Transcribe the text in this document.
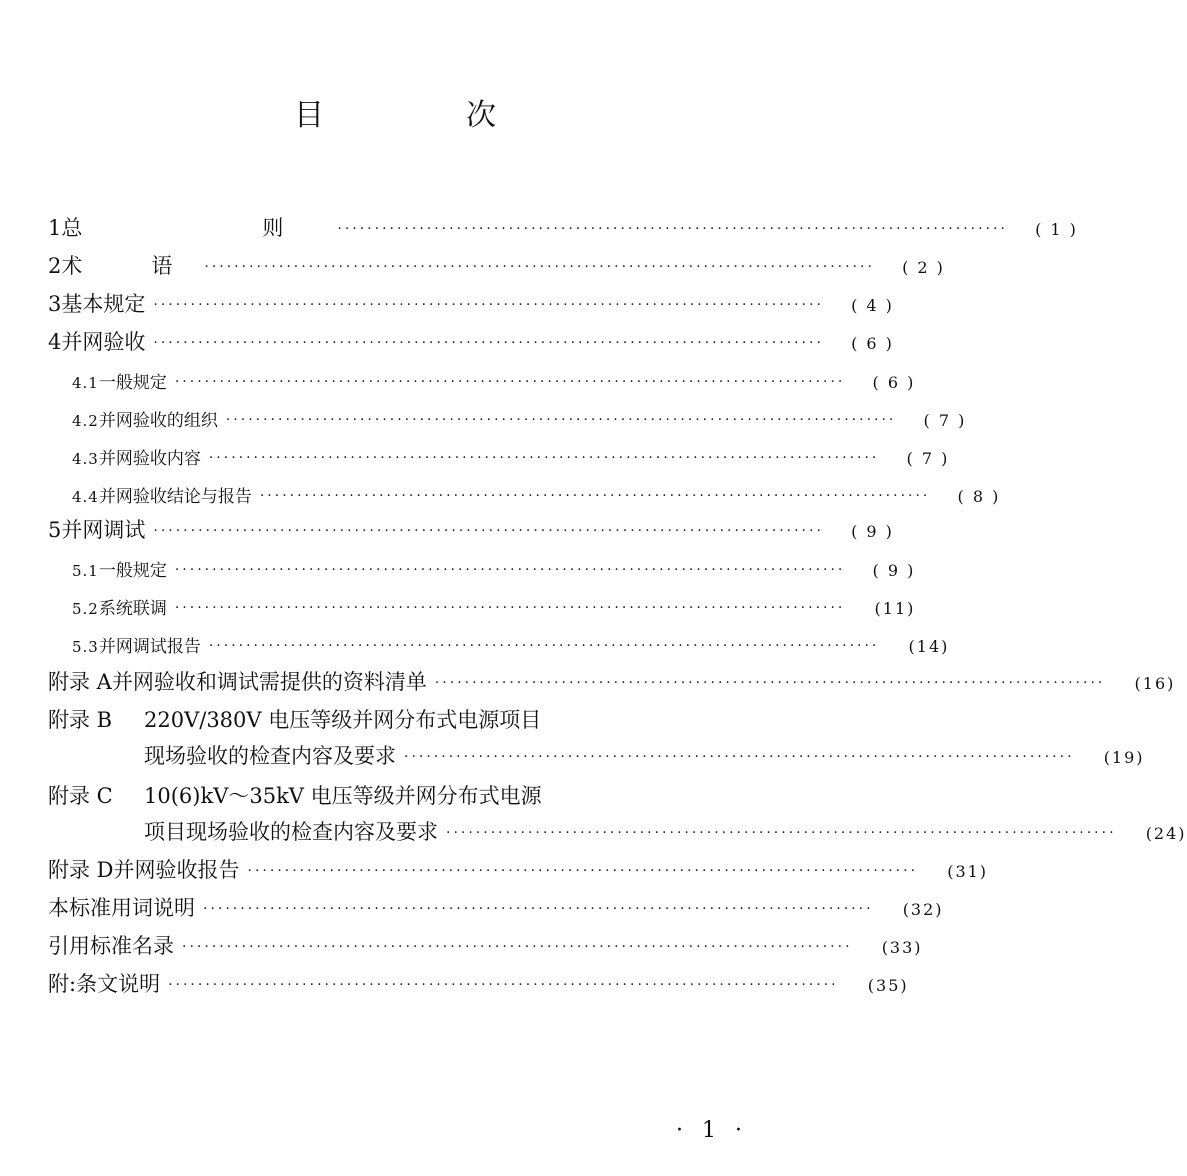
目　次
1 总　　则 ··························································································	( 1 )
2 术　语 ··························································································	( 2 )
3 基本规定 ··························································································	( 4 )
4 并网验收 ··························································································	( 6 )
4.1 一般规定 ··························································································	( 6 )
4.2 并网验收的组织 ··························································································	( 7 )
4.3 并网验收内容 ··························································································	( 7 )
4.4 并网验收结论与报告 ··························································································	( 8 )
5 并网调试 ··························································································	( 9 )
5.1 一般规定 ··························································································	( 9 )
5.2 系统联调 ··························································································	(11)
5.3 并网调试报告 ··························································································	(14)
附录 A 并网验收和调试需提供的资料清单 ··························································································	(16)
附录 B	220V/380V 电压等级并网分布式电源项目
现场验收的检查内容及要求 ··························································································	(19)
附录 C	10(6)kV～35kV 电压等级并网分布式电源
项目现场验收的检查内容及要求 ··························································································	(24)
附录 D 并网验收报告 ··························································································	(31)
本标准用词说明 ··························································································	(32)
引用标准名录 ··························································································	(33)
附:条文说明 ··························································································	(35)
· 1 ·
